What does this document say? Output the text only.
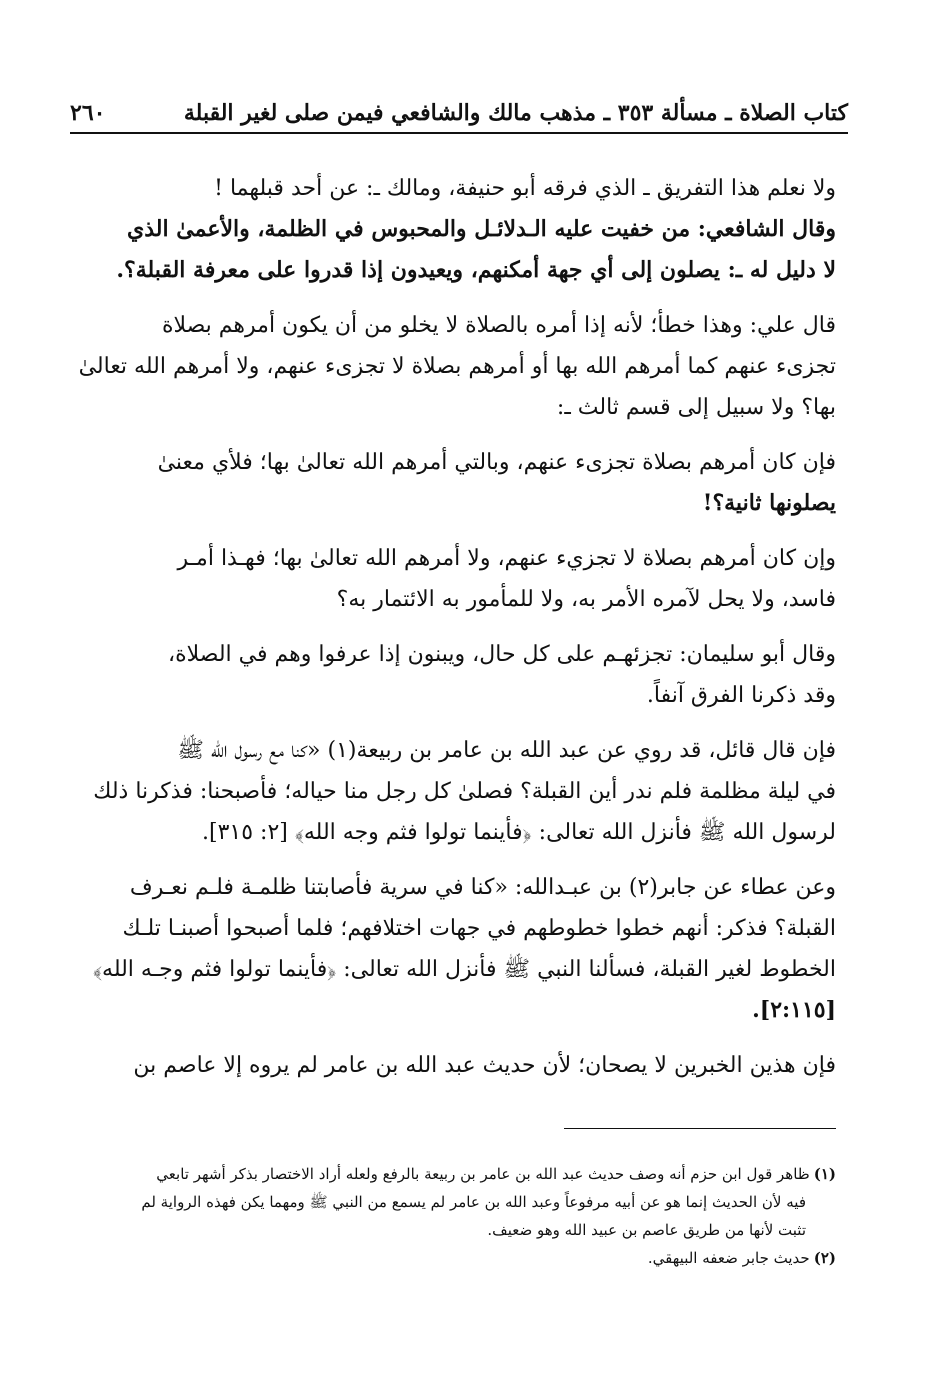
كتاب الصلاة ـ مسألة ٣٥٣ ـ مذهب مالك والشافعي فيمن صلى لغير القبلة
٢٦٠

ولا نعلم هذا التفريق ـ الذي فرقه أبو حنيفة، ومالك ـ: عن أحد قبلهما !
وقال الشافعي: من خفيت عليه الـدلائـل والمحبوس في الظلمة، والأعمىٰ الذي
لا دليل له ـ: يصلون إلى أي جهة أمكنهم، ويعيدون إذا قدروا على معرفة القبلة؟.

قال علي: وهذا خطأ؛ لأنه إذا أمره بالصلاة لا يخلو من أن يكون أمرهم بصلاة
تجزىء عنهم كما أمرهم الله بها أو أمرهم بصلاة لا تجزىء عنهم، ولا أمرهم الله تعالىٰ
بها؟ ولا سبيل إلى قسم ثالث ـ:

فإن كان أمرهم بصلاة تجزىء عنهم، وبالتي أمرهم الله تعالىٰ بها؛ فلأي معنىٰ
يصلونها ثانية؟!

وإن كان أمرهم بصلاة لا تجزيء عنهم، ولا أمرهم الله تعالىٰ بها؛ فهـذا أمـر
فاسد، ولا يحل لآمره الأمر به، ولا للمأمور به الائتمار به؟

وقال أبو سليمان: تجزئهـم على كل حال، ويبنون إذا عرفوا وهم في الصلاة،
وقد ذكرنا الفرق آنفاً.

فإن قال قائل، قد روي عن عبد الله بن عامر بن ربيعة(١) «كنا مع رسول الله ﷺ
في ليلة مظلمة فلم ندر أين القبلة؟ فصلىٰ كل رجل منا حياله؛ فأصبحنا: فذكرنا ذلك
لرسول الله ﷺ فأنزل الله تعالى: ﴿فأينما تولوا فثم وجه الله﴾ [٢: ٣١٥].

وعن عطاء عن جابر(٢) بن عبـدالله: «كنا في سرية فأصابتنا ظلمـة فلـم نعـرف
القبلة؟ فذكر: أنهم خطوا خطوطهم في جهات اختلافهم؛ فلما أصبحوا أصبنـا تلـك
الخطوط لغير القبلة، فسألنا النبي ﷺ فأنزل الله تعالى: ﴿فأينما تولوا فثم وجـه الله﴾
[٢:١١٥].

فإن هذين الخبرين لا يصحان؛ لأن حديث عبد الله بن عامر لم يروه إلا عاصم بن

(١)ظاهر قول ابن حزم أنه وصف حديث عبد الله بن عامر بن ربيعة بالرفع ولعله أراد الاختصار بذكر أشهر تابعي

فيه لأن الحديث إنما هو عن أبيه مرفوعاً وعبد الله بن عامر لم يسمع من النبي ﷺ ومهما يكن فهذه الرواية لم

تثبت لأنها من طريق عاصم بن عبيد الله وهو ضعيف.

(٢)حديث جابر ضعفه البيهقي.
